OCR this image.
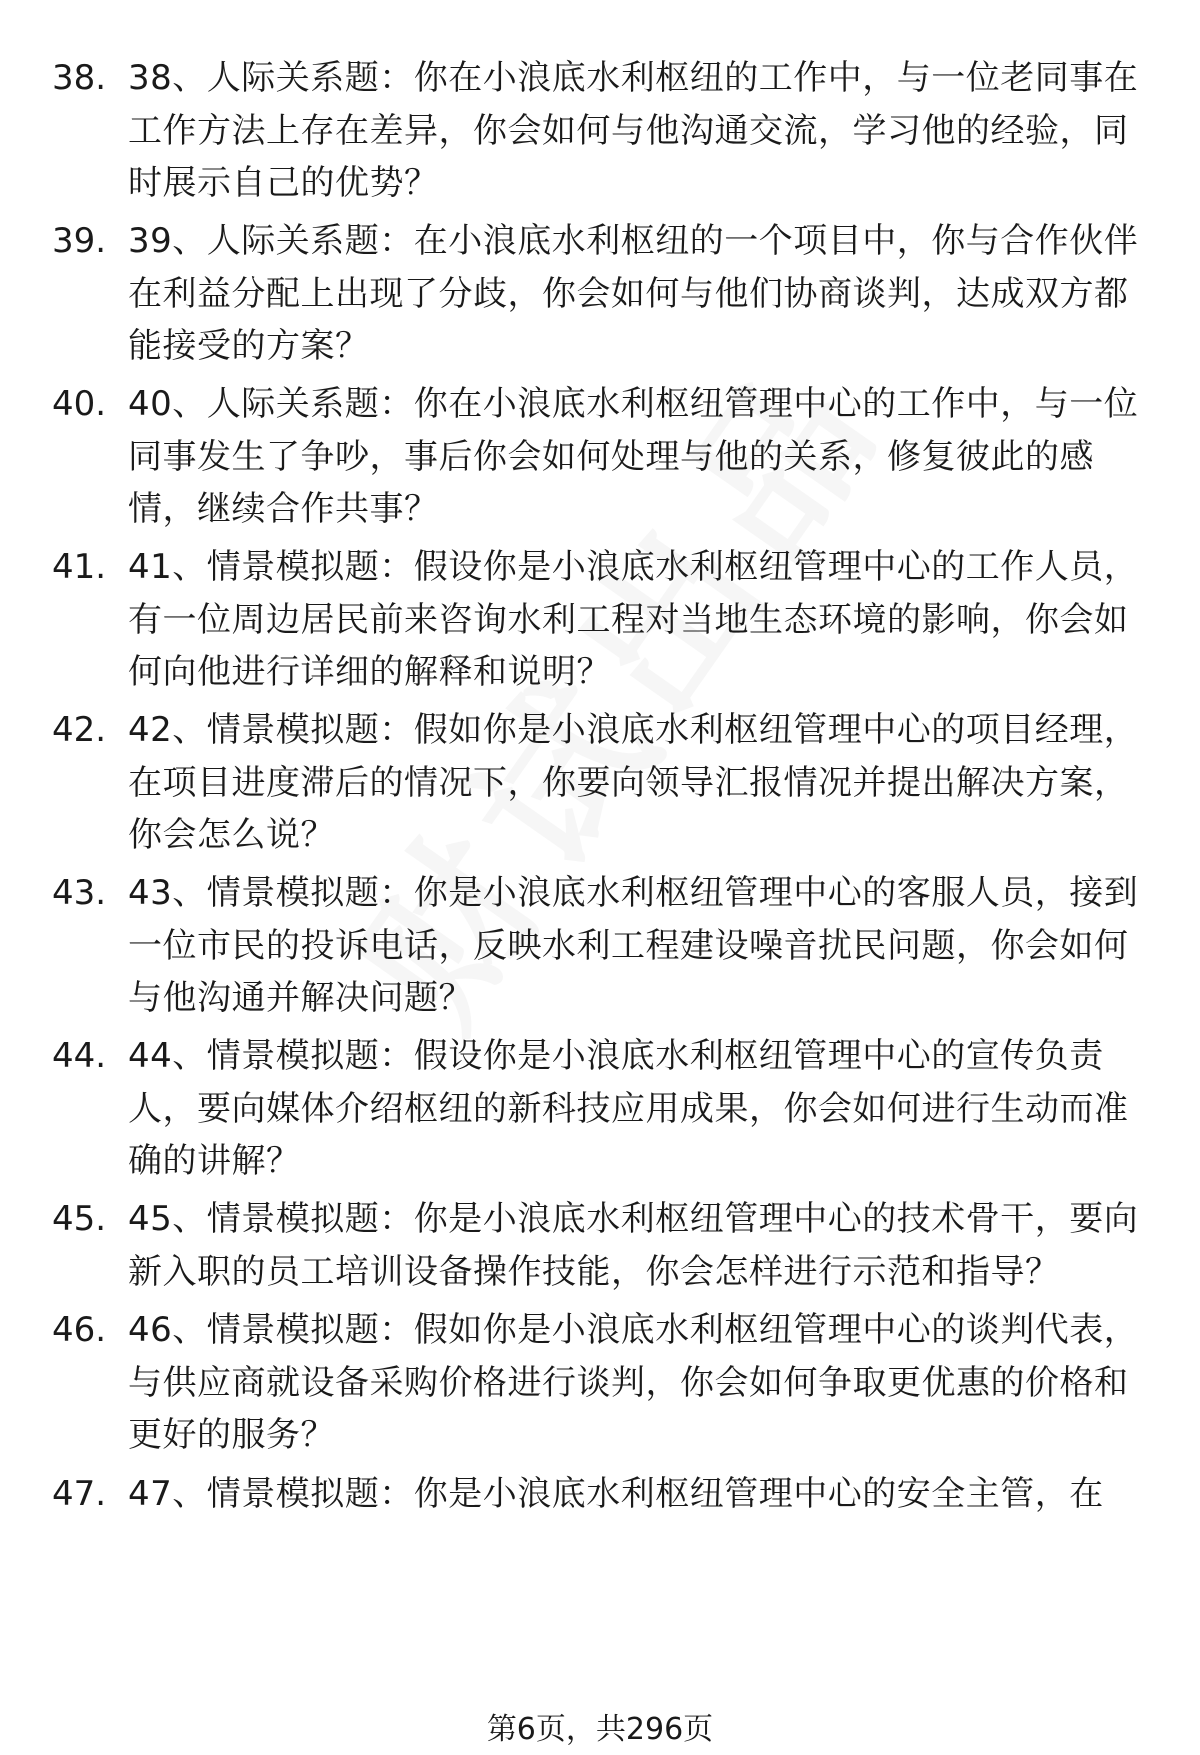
38. 38、人际关系题：你在小浪底水利枢纽的工作中，与一位老同事在工作方法上存在差异，你会如何与他沟通交流，学习他的经验，同时展示自己的优势？
39. 39、人际关系题：在小浪底水利枢纽的一个项目中，你与合作伙伴在利益分配上出现了分歧，你会如何与他们协商谈判，达成双方都能接受的方案？
40. 40、人际关系题：你在小浪底水利枢纽管理中心的工作中，与一位同事发生了争吵，事后你会如何处理与他的关系，修复彼此的感情，继续合作共事？
41. 41、情景模拟题：假设你是小浪底水利枢纽管理中心的工作人员，有一位周边居民前来咨询水利工程对当地生态环境的影响，你会如何向他进行详细的解释和说明？
42. 42、情景模拟题：假如你是小浪底水利枢纽管理中心的项目经理，在项目进度滞后的情况下，你要向领导汇报情况并提出解决方案，你会怎么说？
43. 43、情景模拟题：你是小浪底水利枢纽管理中心的客服人员，接到一位市民的投诉电话，反映水利工程建设噪音扰民问题，你会如何与他沟通并解决问题？
44. 44、情景模拟题：假设你是小浪底水利枢纽管理中心的宣传负责人，要向媒体介绍枢纽的新科技应用成果，你会如何进行生动而准确的讲解？
45. 45、情景模拟题：你是小浪底水利枢纽管理中心的技术骨干，要向新入职的员工培训设备操作技能，你会怎样进行示范和指导？
46. 46、情景模拟题：假如你是小浪底水利枢纽管理中心的谈判代表，与供应商就设备采购价格进行谈判，你会如何争取更优惠的价格和更好的服务？
47. 47、情景模拟题：你是小浪底水利枢纽管理中心的安全主管，在
第6页，共296页
